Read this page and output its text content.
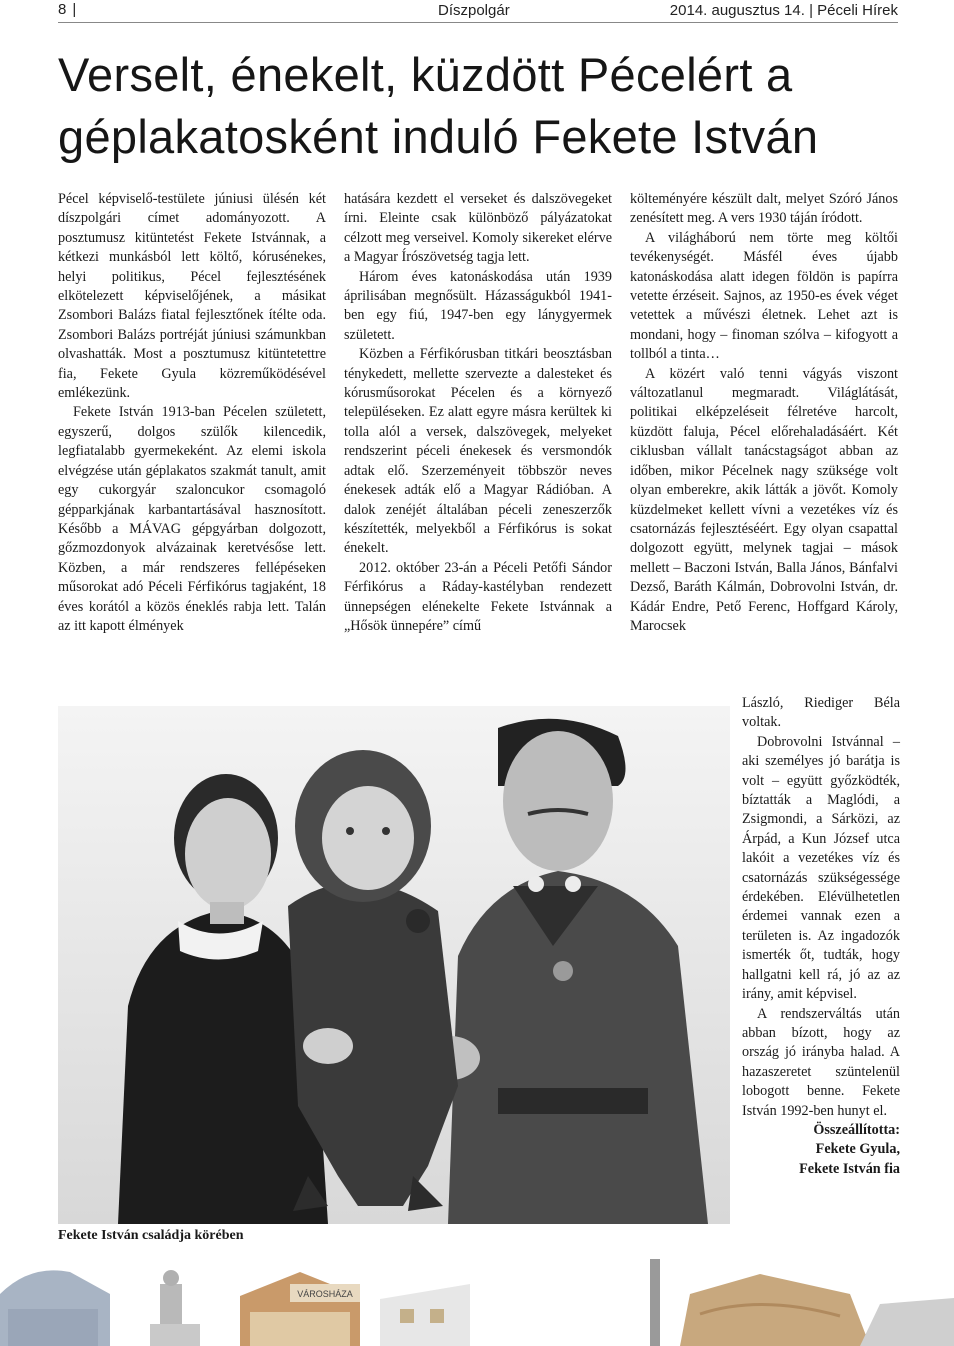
8 |	Díszpolgár	2014. augusztus 14. | Péceli Hírek
Verselt, énekelt, küzdött Pécelért a géplakatosként induló Fekete István

Pécel képviselő-testülete júniusi ülésén két díszpolgári címet adományozott. A posztumusz kitüntetést Fekete Istvánnak, a kétkezi munkásból lett költő, kórusénekes, helyi politikus, Pécel fejlesztésének elkötelezett képviselőjének, a másikat Zsombori Balázs fiatal fejlesztőnek ítélte oda. Zsombori Balázs portréját júniusi számunkban olvashatták. Most a posztumusz kitüntetettre fia, Fekete Gyula közreműködésével emlékezünk.

Fekete István 1913-ban Pécelen született, egyszerű, dolgos szülők kilencedik, legfiatalabb gyermekeként. Az elemi iskola elvégzése után géplakatos szakmát tanult, amit egy cukorgyár szaloncukor csomagoló gépparkjának karbantartásával hasznosított. Később a MÁVAG gépgyárban dolgozott, gőzmozdonyok alvázainak keretvésőse lett. Közben, a már rendszeres fellépéseken műsorokat adó Péceli Férfikórus tagjaként, 18 éves korától a közös éneklés rabja lett. Talán az itt kapott élmények

hatására kezdett el verseket és dalszövegeket írni. Eleinte csak különböző pályázatokat célzott meg verseivel. Komoly sikereket elérve a Magyar Írószövetség tagja lett.

Három éves katonáskodása után 1939 áprilisában megnősült. Házasságukból 1941-ben egy fiú, 1947-ben egy lánygyermek született.

Közben a Férfikórusban titkári beosztásban ténykedett, mellette szervezte a dalesteket és kórusműsorokat Pécelen és a környező településeken. Ez alatt egyre másra kerültek ki tolla alól a versek, dalszövegek, melyeket rendszerint péceli énekesek és versmondók adtak elő. Szerzeményeit többször neves énekesek adták elő a Magyar Rádióban. A dalok zenéjét általában péceli zeneszerzők készítették, melyekből a Férfikórus is sokat énekelt.

2012. október 23-án a Péceli Petőfi Sándor Férfikórus a Ráday-kastélyban rendezett ünnepségen elénekelte Fekete Istvánnak a „Hősök ünnepére” című

költeményére készült dalt, melyet Szóró János zenésített meg. A vers 1930 táján íródott.

A világháború nem törte meg költői tevékenységét. Másfél éves újabb katonáskodása alatt idegen földön is papírra vetette érzéseit. Sajnos, az 1950-es évek véget vetettek a művészi életnek. Lehet azt is mondani, hogy – finoman szólva – kifogyott a tollból a tinta…

A közért való tenni vágyás viszont változatlanul megmaradt. Világlátását, politikai elképzeléseit félretéve harcolt, küzdött faluja, Pécel előrehaladásáért. Két ciklusban vállalt tanácstagságot abban az időben, mikor Pécelnek nagy szüksége volt olyan emberekre, akik látták a jövőt. Komoly küzdelmeket kellett vívni a vezetékes víz és csatornázás fejlesztéséért. Egy olyan csapattal dolgozott együtt, melynek tagjai – mások mellett – Baczoni István, Balla János, Bánfalvi Dezső, Baráth Kálmán, Dobrovolni István, dr. Kádár Endre, Pető Ferenc, Hoffgard Károly, Marocsek

László, Riediger Béla voltak.

Dobrovolni Istvánnal – aki személyes jó barátja is volt – együtt győzködték, bíztatták a Maglódi, a Zsigmondi, a Sárközi, az Árpád, a Kun József utca lakóit a vezetékes víz és csatornázás szükségessége érdekében. Elévülhetetlen érdemei vannak ezen a területen is. Az ingadozók ismerték őt, tudták, hogy hallgatni kell rá, jó az az irány, amit képvisel.

A rendszerváltás után abban bízott, hogy az ország jó irányba halad. A hazaszeretet szüntelenül lobogott benne. Fekete István 1992-ben hunyt el.

Összeállította:
Fekete Gyula,
Fekete István fia

Fekete István családja körében

VÁROSHÁZA
